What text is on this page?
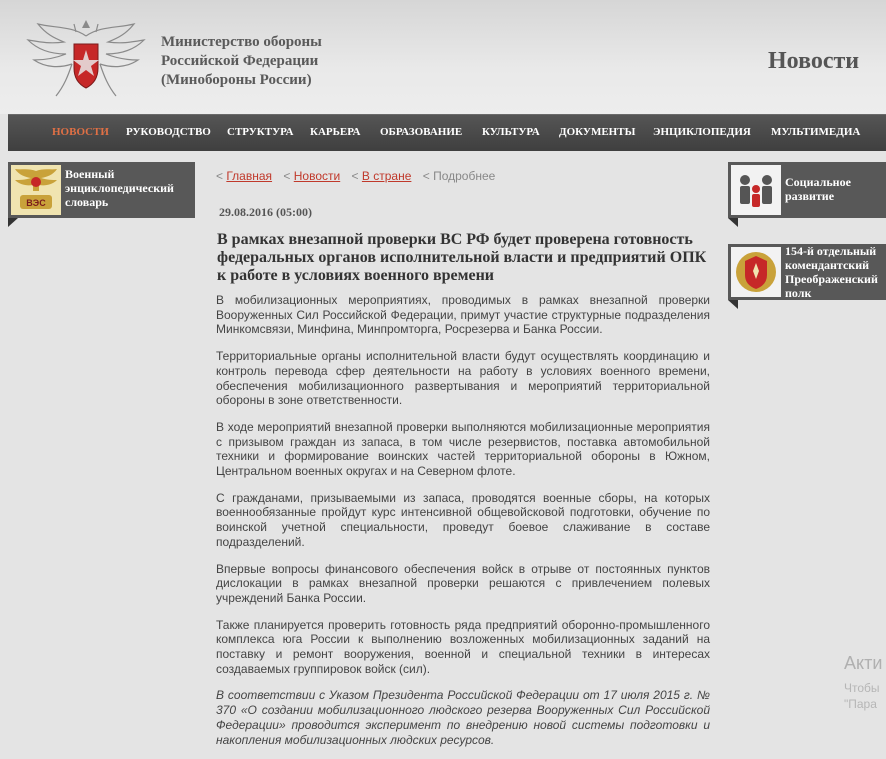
Министерство обороны
Российской Федерации
(Минобороны России)
Новости
НОВОСТИ РУКОВОДСТВО СТРУКТУРА КАРЬЕРА ОБРАЗОВАНИЕ КУЛЬТУРА ДОКУМЕНТЫ ЭНЦИКЛОПЕДИЯ МУЛЬТИМЕДИА
ВЭС
Военный
энциклопедический
словарь
< Главная < Новости < В стране < Подробнее
29.08.2016 (05:00)
В рамках внезапной проверки ВС РФ будет проверена готовность федеральных органов исполнительной власти и предприятий ОПК к работе в условиях военного времени

В мобилизационных мероприятиях, проводимых в рамках внезапной проверки Вооруженных Сил Российской Федерации, примут участие структурные подразделения Минкомсвязи, Минфина, Минпромторга, Росрезерва и Банка России.

Территориальные органы исполнительной власти будут осуществлять координацию и контроль перевода сфер деятельности на работу в условиях военного времени, обеспечения мобилизационного развертывания и мероприятий территориальной обороны в зоне ответственности.

В ходе мероприятий внезапной проверки выполняются мобилизационные мероприятия с призывом граждан из запаса, в том числе резервистов, поставка автомобильной техники и формирование воинских частей территориальной обороны в Южном, Центральном военных округах и на Северном флоте.

С гражданами, призываемыми из запаса, проводятся военные сборы, на которых военнообязанные пройдут курс интенсивной общевойсковой подготовки, обучение по воинской учетной специальности, проведут боевое слаживание в составе подразделений.

Впервые вопросы финансового обеспечения войск в отрыве от постоянных пунктов дислокации в рамках внезапной проверки решаются с привлечением полевых учреждений Банка России.

Также планируется проверить готовность ряда предприятий оборонно-промышленного комплекса юга России к выполнению возложенных мобилизационных заданий на поставку и ремонт вооружения, военной и специальной техники в интересах создаваемых группировок войск (сил).

В соответствии с Указом Президента Российской Федерации от 17 июля 2015 г. № 370 «О создании мобилизационного людского резерва Вооруженных Сил Российской Федерации» проводится эксперимент по внедрению новой системы подготовки и накопления мобилизационных людских ресурсов.

Социальное
развитие
154-й отдельный
комендантский
Преображенский
полк
Акти
Чтобы
"Пара
